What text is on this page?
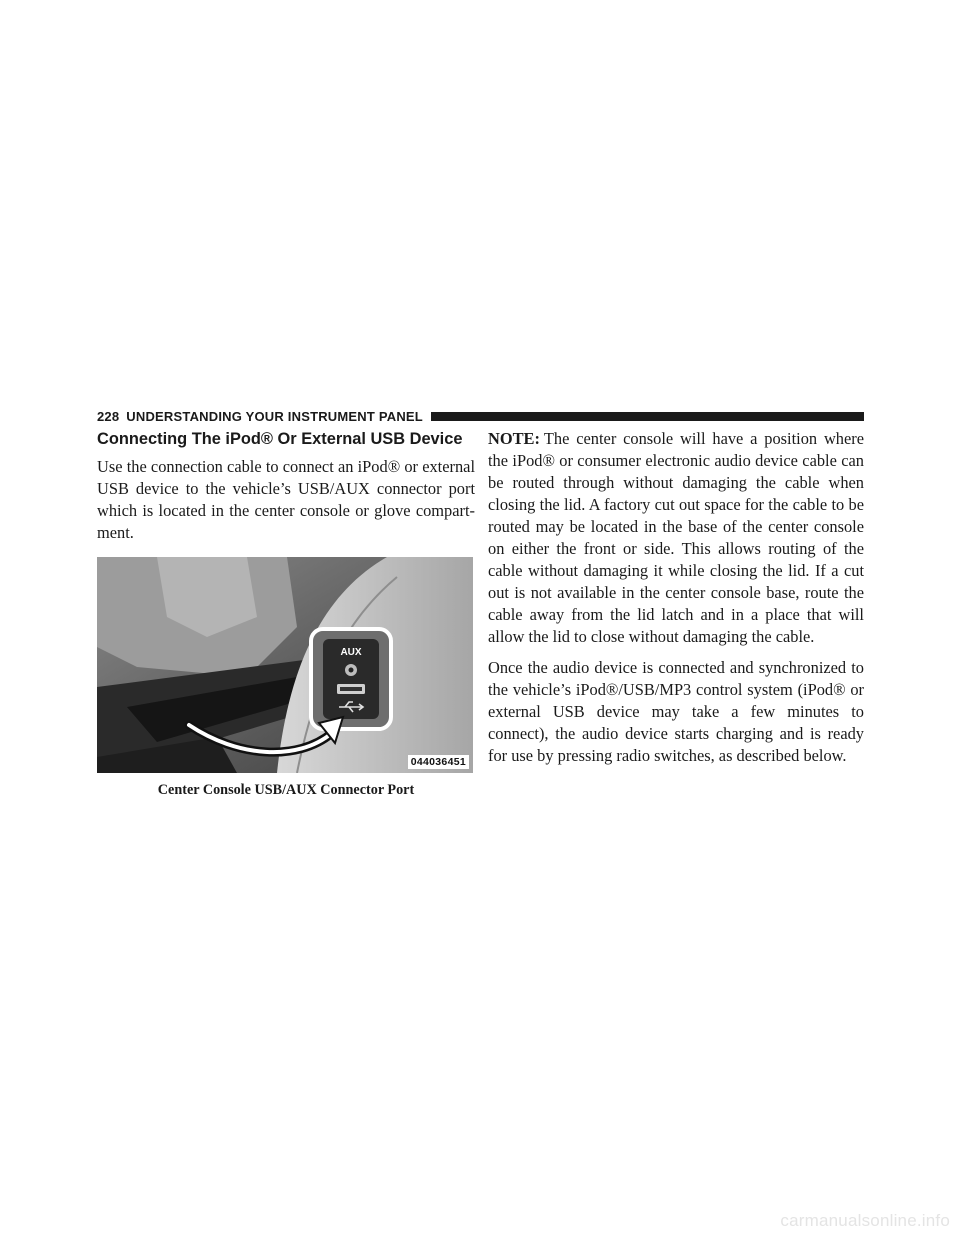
228 UNDERSTANDING YOUR INSTRUMENT PANEL
Connecting The iPod® Or External USB Device

Use the connection cable to connect an iPod® or external USB device to the vehicle’s USB/AUX connector port which is located in the center console or glove compart-ment.

AUX
044036451
Center Console USB/AUX Connector Port

NOTE: The center console will have a position where the iPod® or consumer electronic audio device cable can be routed through without damaging the cable when closing the lid. A factory cut out space for the cable to be routed may be located in the base of the center console on either the front or side. This allows routing of the cable without damaging it while closing the lid. If a cut out is not available in the center console base, route the cable away from the lid latch and in a place that will allow the lid to close without damaging the cable.

Once the audio device is connected and synchronized to the vehicle’s iPod®/USB/MP3 control system (iPod® or external USB device may take a few minutes to connect), the audio device starts charging and is ready for use by pressing radio switches, as described below.

carmanualsonline.info
